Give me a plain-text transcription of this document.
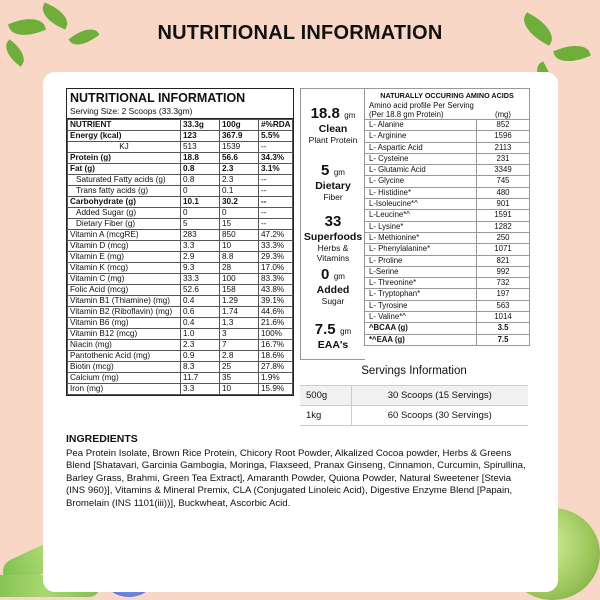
NUTRITIONAL INFORMATION
NUTRITIONAL INFORMATION
Serving Size: 2 Scoops (33.3gm)
NUTRIENT	33.3g	100g	#%RDA
Energy (kcal)	123	367.9	5.5%
KJ	513	1539	--
Protein (g)	18.8	56.6	34.3%
Fat (g)	0.8	2.3	3.1%
Saturated Fatty acids (g)	0.8	2.3	--
Trans fatty acids (g)	0	0.1	--
Carbohydrate (g)	10.1	30.2	--
Added Sugar (g)	0	0	--
Dietary Fiber (g)	5	15	--
Vitamin A (mcgRE)	283	850	47.2%
Vitamin D (mcg)	3.3	10	33.3%
Vitamin E (mg)	2.9	8.8	29.3%
Vitamin K (mcg)	9.3	28	17.0%
Vitamin C (mg)	33.3	100	83.3%
Folic Acid (mcg)	52.6	158	43.8%
Vitamin B1 (Thiamine) (mg)	0.4	1.29	39.1%
Vitamin B2 (Riboflavin) (mg)	0.6	1.74	44.6%
Vitamin B6 (mg)	0.4	1.3	21.6%
Vitamin B12 (mcg)	1.0	3	100%
Niacin (mg)	2.3	7	16.7%
Pantothenic Acid (mg)	0.9	2.8	18.6%
Biotin (mcg)	8.3	25	27.8%
Calcium (mg)	11.7	35	1.9%
Iron (mg)	3.3	10	15.9%
18.8 gm
Clean
Plant Protein
5 gm
Dietary
Fiber
33
Superfoods
Herbs & Vitamins
0 gm
Added
Sugar
7.5 gm
EAA's
NATURALLY OCCURING AMINO ACIDS
Amino acid profile Per Serving
(Per 18.8 gm Protein)	(mg)
L- Alanine	852
L- Arginine	1596
L- Aspartic Acid	2113
L- Cysteine	231
L- Glutamic Acid	3349
L- Glycine	745
L- Histidine*	480
L-Isoleucine*^	901
L-Leucine*^	1591
L- Lysine*	1282
L- Methionine*	250
L- Phenylalanine*	1071
L- Proline	821
L-Serine	992
L- Threonine*	732
L- Tryptophan*	197
L- Tyrosine	563
L- Valine*^	1014
^BCAA (g)	3.5
*^EAA (g)	7.5
Servings Information
500g	30 Scoops (15 Servings)
1kg	60 Scoops (30 Servings)
INGREDIENTS
Pea Protein Isolate, Brown Rice Protein, Chicory Root Powder, Alkalized Cocoa powder, Herbs & Greens Blend [Shatavari, Garcinia Gambogia, Moringa, Flaxseed, Pranax Ginseng, Cinnamon, Curcumin, Spirullina, Barley Grass, Brahmi, Green Tea Extract], Amaranth Powder, Quiona Powder, Natural Sweetener [Stevia (INS 960)], Vitamins & Mineral Premix, CLA (Conjugated Linoleic Acid), Digestive Enzyme Blend [Papain, Bromelain (INS 1101(iii))], Buckwheat, Ascorbic Acid.
